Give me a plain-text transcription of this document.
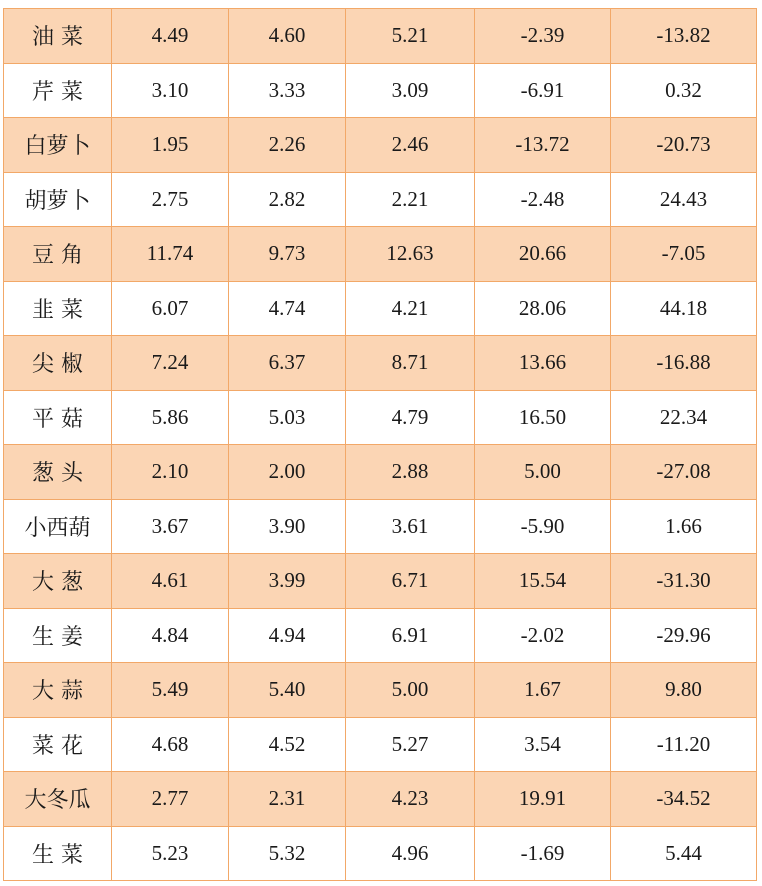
油 菜	4.49	4.60	5.21	-2.39	-13.82
芹 菜	3.10	3.33	3.09	-6.91	0.32
白萝卜	1.95	2.26	2.46	-13.72	-20.73
胡萝卜	2.75	2.82	2.21	-2.48	24.43
豆 角	11.74	9.73	12.63	20.66	-7.05
韭 菜	6.07	4.74	4.21	28.06	44.18
尖 椒	7.24	6.37	8.71	13.66	-16.88
平 菇	5.86	5.03	4.79	16.50	22.34
葱 头	2.10	2.00	2.88	5.00	-27.08
小西葫	3.67	3.90	3.61	-5.90	1.66
大 葱	4.61	3.99	6.71	15.54	-31.30
生 姜	4.84	4.94	6.91	-2.02	-29.96
大 蒜	5.49	5.40	5.00	1.67	9.80
菜 花	4.68	4.52	5.27	3.54	-11.20
大冬瓜	2.77	2.31	4.23	19.91	-34.52
生 菜	5.23	5.32	4.96	-1.69	5.44
